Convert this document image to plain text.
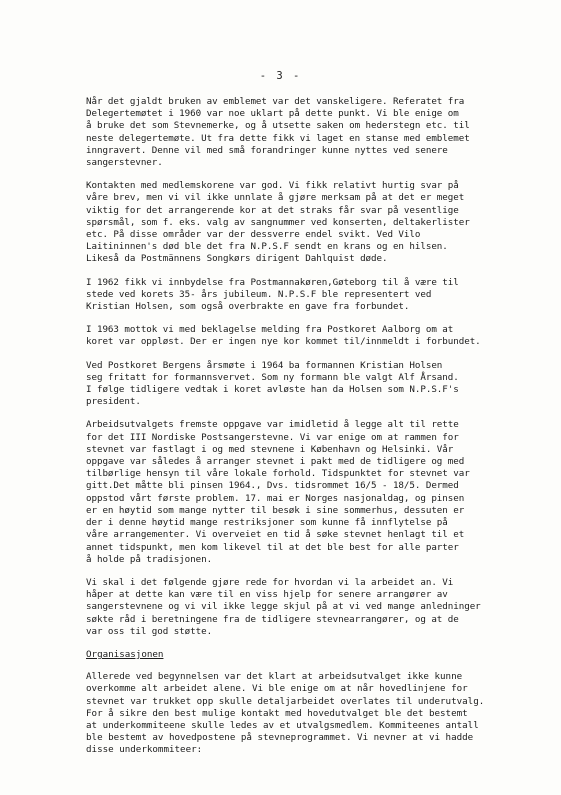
- 3 -

Når det gjaldt bruken av emblemet var det vanskeligere. Referatet fra
Delegertemøtet i 1960 var noe uklart på dette punkt. Vi ble enige om
å bruke det som Stevnemerke, og å utsette saken om hederstegn etc. til
neste delegertemøte. Ut fra dette fikk vi laget en stanse med emblemet
inngravert. Denne vil med små forandringer kunne nyttes ved senere
sangerstevner.

Kontakten med medlemskorene var god. Vi fikk relativt hurtig svar på
våre brev, men vi vil ikke unnlate å gjøre merksam på at det er meget
viktig for det arrangerende kor at det straks får svar på vesentlige
spørsmål, som f. eks. valg av sangnummer ved konserten, deltakerlister
etc. På disse områder var der dessverre endel svikt. Ved Vilo
Laitininnen's død ble det fra N.P.S.F sendt en krans og en hilsen.
Likeså da Postmännens Songkørs dirigent Dahlquist døde.

I 1962 fikk vi innbydelse fra Postmannakøren,Gøteborg til å være til
stede ved korets 35- års jubileum. N.P.S.F ble representert ved
Kristian Holsen, som også overbrakte en gave fra forbundet.

I 1963 mottok vi med beklagelse melding fra Postkoret Aalborg om at
koret var oppløst. Der er ingen nye kor kommet til/innmeldt i forbundet.

Ved Postkoret Bergens årsmøte i 1964 ba formannen Kristian Holsen
seg fritatt for formannsvervet. Som ny formann ble valgt Alf Årsand.
I følge tidligere vedtak i koret avløste han da Holsen som N.P.S.F's
president.

Arbeidsutvalgets fremste oppgave var imidletid å legge alt til rette
for det III Nordiske Postsangerstevne. Vi var enige om at rammen for
stevnet var fastlagt i og med stevnene i København og Helsinki. Vår
oppgave var således å arranger stevnet i pakt med de tidligere og med
tilbørlige hensyn til våre lokale forhold. Tidspunktet for stevnet var
gitt.Det måtte bli pinsen 1964., Dvs. tidsrommet 16/5 - 18/5. Dermed
oppstod vårt første problem. 17. mai er Norges nasjonaldag, og pinsen
er en høytid som mange nytter til besøk i sine sommerhus, dessuten er
der i denne høytid mange restriksjoner som kunne få innflytelse på
våre arrangementer. Vi overveiet en tid å søke stevnet henlagt til et
annet tidspunkt, men kom likevel til at det ble best for alle parter
å holde på tradisjonen.

Vi skal i det følgende gjøre rede for hvordan vi la arbeidet an. Vi
håper at dette kan være til en viss hjelp for senere arrangører av
sangerstevnene og vi vil ikke legge skjul på at vi ved mange anledninger
søkte råd i beretningene fra de tidligere stevnearrangører, og at de
var oss til god støtte.

Organisasjonen

Allerede ved begynnelsen var det klart at arbeidsutvalget ikke kunne
overkomme alt arbeidet alene. Vi ble enige om at når hovedlinjene for
stevnet var trukket opp skulle detaljarbeidet overlates til underutvalg.
For å sikre den best mulige kontakt med hovedutvalget ble det bestemt
at underkommiteene skulle ledes av et utvalgsmedlem. Kommiteenes antall
ble bestemt av hovedpostene på stevneprogrammet. Vi nevner at vi hadde
disse underkommiteer:
